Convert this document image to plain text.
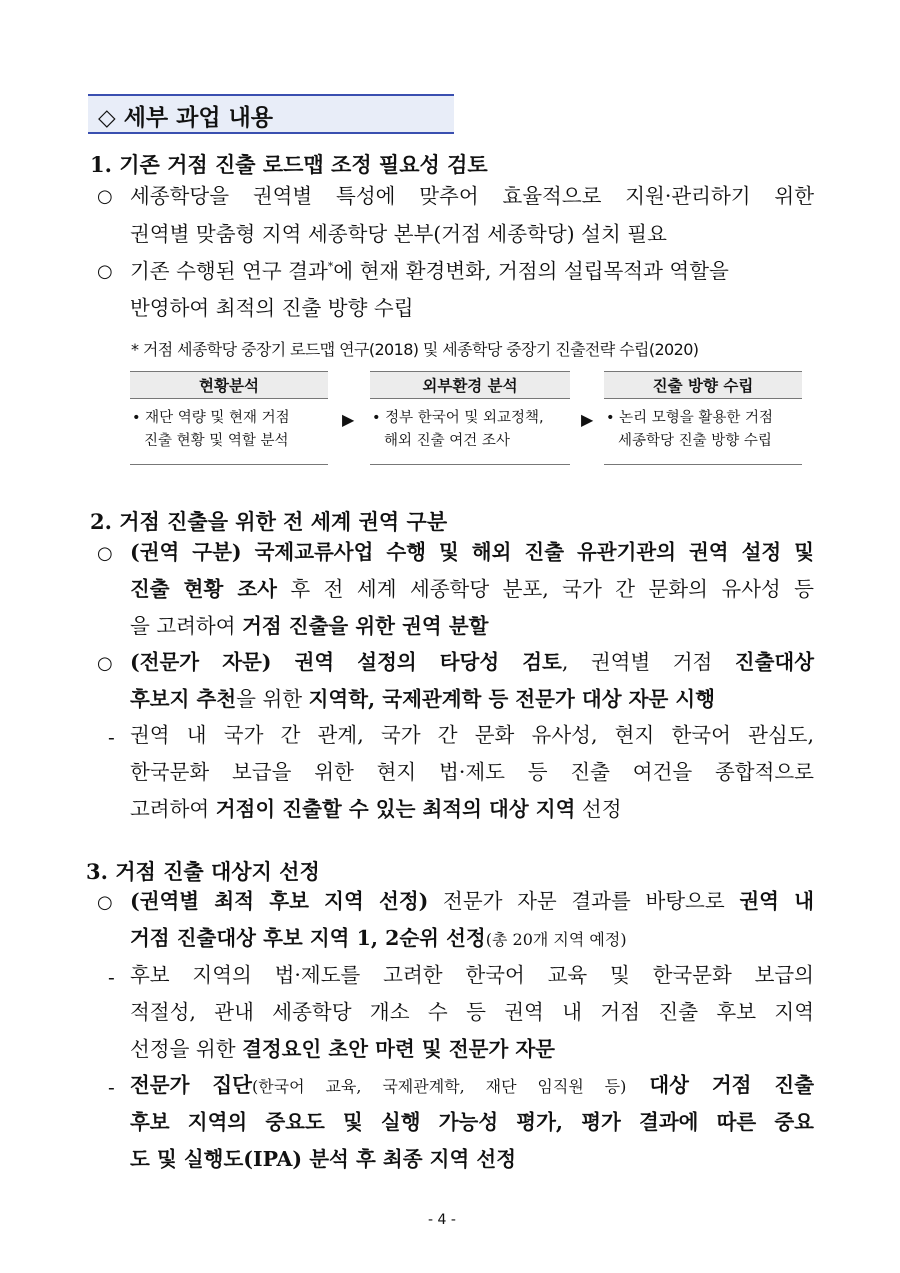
◇ 세부 과업 내용
1. 기존 거점 진출 로드맵 조정 필요성 검토
○ 세종학당을 권역별 특성에 맞추어 효율적으로 지원·관리하기 위한
권역별 맞춤형 지역 세종학당 본부(거점 세종학당) 설치 필요
○ 기존 수행된 연구 결과*에 현재 환경변화, 거점의 설립목적과 역할을
반영하여 최적의 진출 방향 수립
* 거점 세종학당 중장기 로드맵 연구(2018) 및 세종학당 중장기 진출전략 수립(2020)
현황분석
• 재단 역량 및 현재 거점
진출 현황 및 역할 분석
▶
외부환경 분석
• 정부 한국어 및 외교정책,
해외 진출 여건 조사
▶
진출 방향 수립
• 논리 모형을 활용한 거점
세종학당 진출 방향 수립
2. 거점 진출을 위한 전 세계 권역 구분
○ (권역 구분) 국제교류사업 수행 및 해외 진출 유관기관의 권역 설정 및
진출 현황 조사 후 전 세계 세종학당 분포, 국가 간 문화의 유사성 등
을 고려하여 거점 진출을 위한 권역 분할
○ (전문가 자문) 권역 설정의 타당성 검토, 권역별 거점 진출대상
후보지 추천을 위한 지역학, 국제관계학 등 전문가 대상 자문 시행
- 권역 내 국가 간 관계, 국가 간 문화 유사성, 현지 한국어 관심도,
한국문화 보급을 위한 현지 법·제도 등 진출 여건을 종합적으로
고려하여 거점이 진출할 수 있는 최적의 대상 지역 선정
3. 거점 진출 대상지 선정
○ (권역별 최적 후보 지역 선정) 전문가 자문 결과를 바탕으로 권역 내
거점 진출대상 후보 지역 1, 2순위 선정(총 20개 지역 예정)
- 후보 지역의 법·제도를 고려한 한국어 교육 및 한국문화 보급의
적절성, 관내 세종학당 개소 수 등 권역 내 거점 진출 후보 지역
선정을 위한 결정요인 초안 마련 및 전문가 자문
- 전문가 집단(한국어 교육, 국제관계학, 재단 임직원 등) 대상 거점 진출
후보 지역의 중요도 및 실행 가능성 평가, 평가 결과에 따른 중요
도 및 실행도(IPA) 분석 후 최종 지역 선정
- 4 -
